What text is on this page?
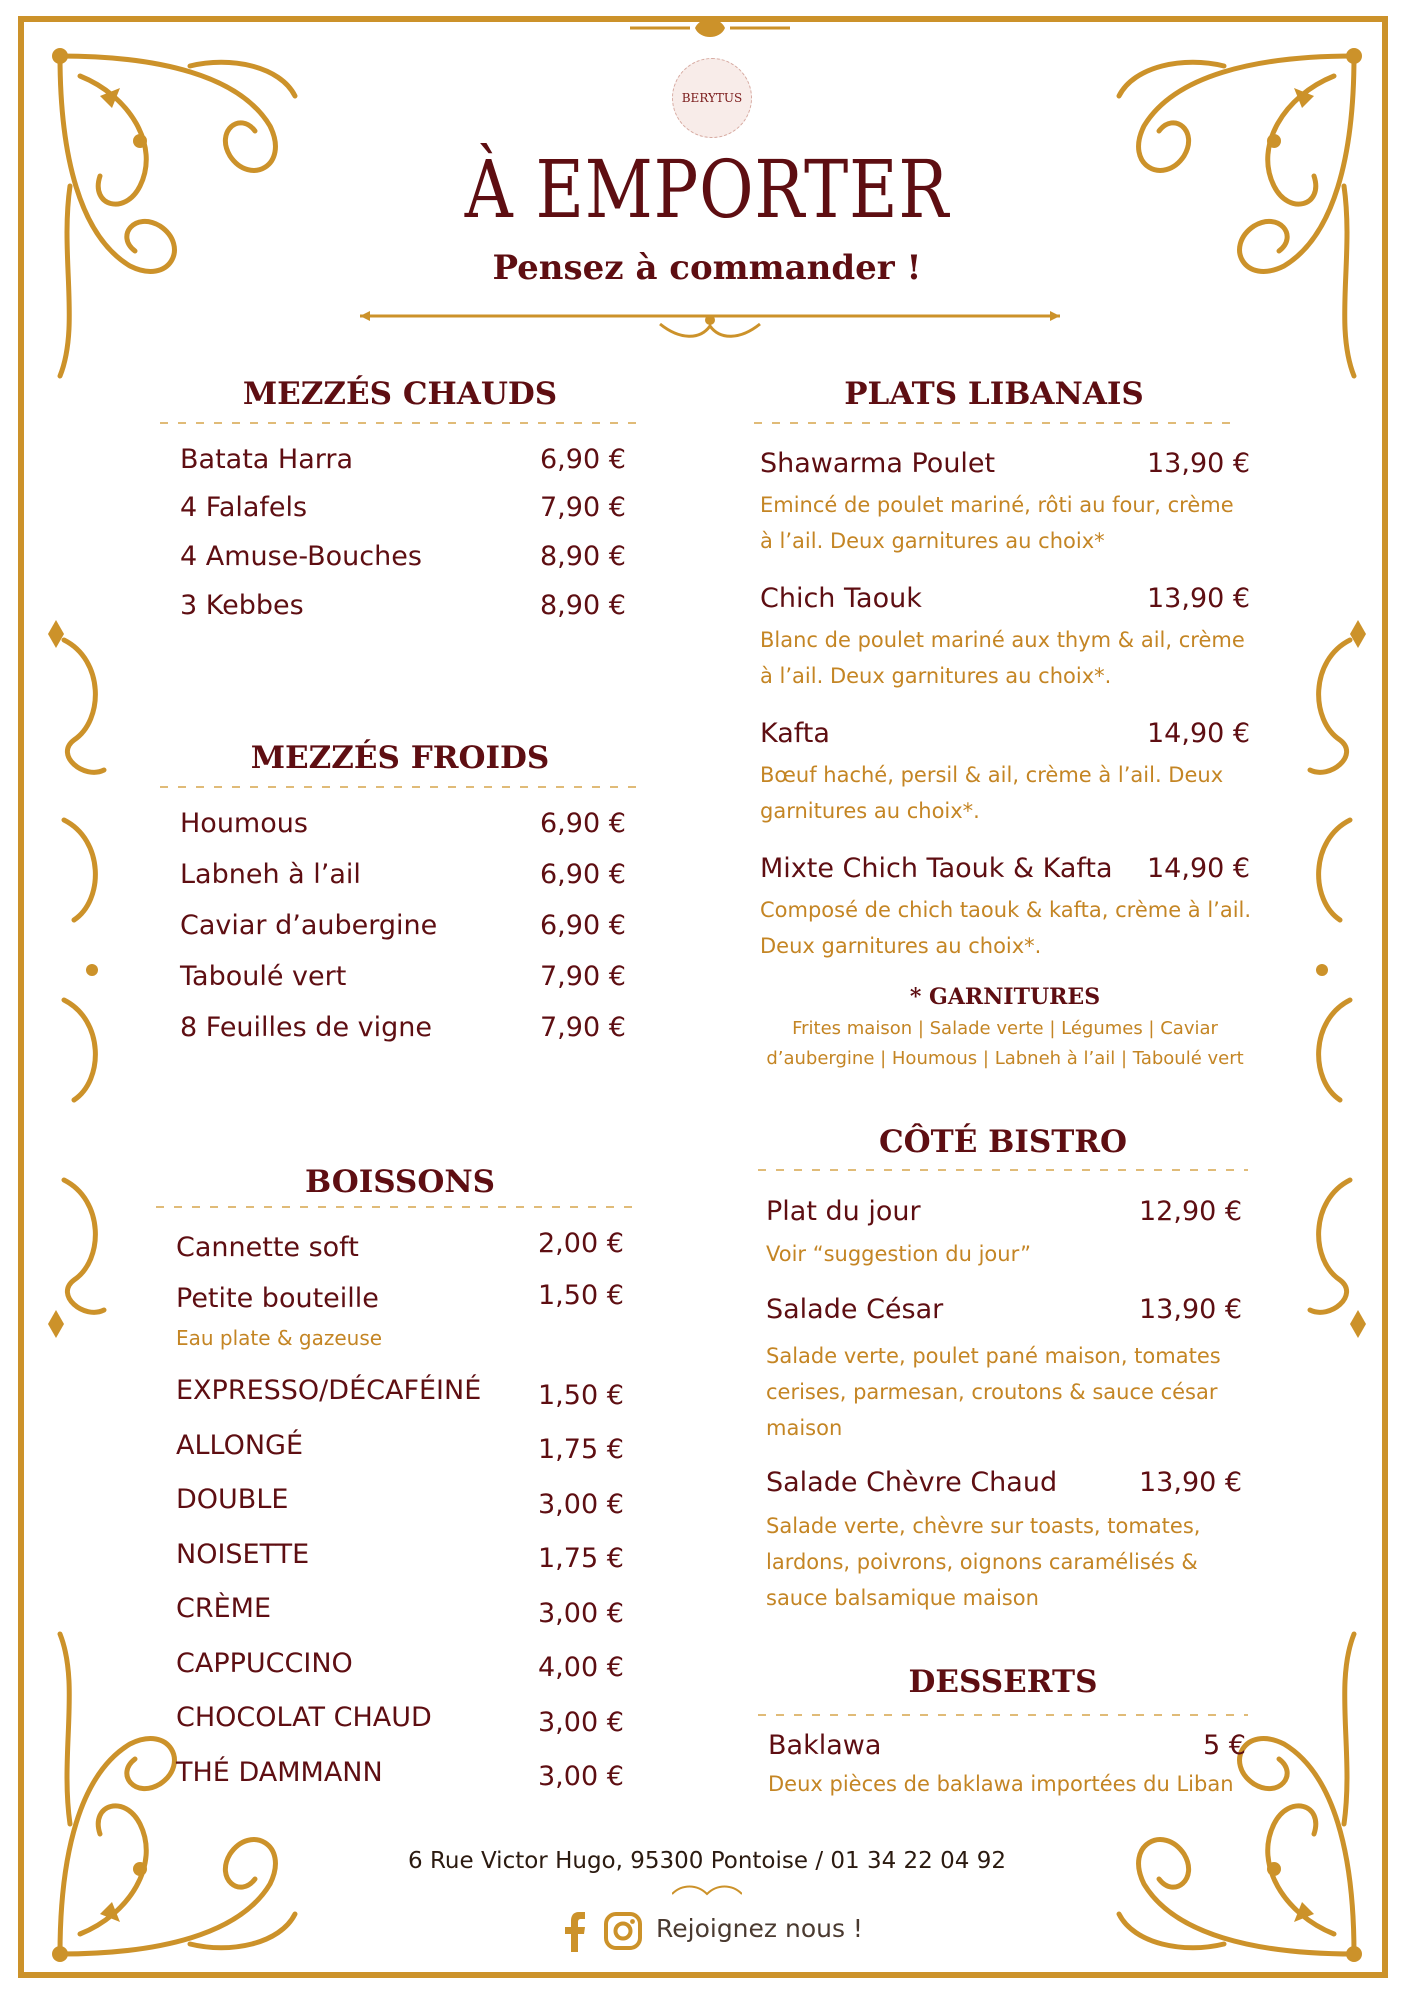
BERYTUS
À EMPORTER
Pensez à commander !
MEZZÉS CHAUDS
Batata Harra	6,90 €
4 Falafels	7,90 €
4 Amuse-Bouches	8,90 €
3 Kebbes	8,90 €
MEZZÉS FROIDS
Houmous	6,90 €
Labneh à l’ail	6,90 €
Caviar d’aubergine	6,90 €
Taboulé vert	7,90 €
8 Feuilles de vigne	7,90 €
BOISSONS
Cannette soft	2,00 €
Petite bouteille	1,50 €
Eau plate & gazeuse
EXPRESSO/DÉCAFÉINÉ 1,50 €
ALLONGÉ	1,75 €
DOUBLE	3,00 €
NOISETTE	1,75 €
CRÈME	3,00 €
CAPPUCCINO	4,00 €
CHOCOLAT CHAUD	3,00 €
THÉ DAMMANN	3,00 €
PLATS LIBANAIS
Shawarma Poulet	13,90 €
Emincé de poulet mariné, rôti au four, crème
à l’ail. Deux garnitures au choix*
Chich Taouk	13,90 €
Blanc de poulet mariné aux thym & ail, crème
à l’ail. Deux garnitures au choix*.
Kafta	14,90 €
Bœuf haché, persil & ail, crème à l’ail. Deux
garnitures au choix*.
Mixte Chich Taouk & Kafta 14,90 €
Composé de chich taouk & kafta, crème à l’ail.
Deux garnitures au choix*.
* GARNITURES
Frites maison | Salade verte | Légumes | Caviar
d’aubergine | Houmous | Labneh à l’ail | Taboulé vert
CÔTÉ BISTRO
Plat du jour	12,90 €
Voir “suggestion du jour”
Salade César	13,90 €
Salade verte, poulet pané maison, tomates
cerises, parmesan, croutons & sauce césar
maison
Salade Chèvre Chaud	13,90 €
Salade verte, chèvre sur toasts, tomates,
lardons, poivrons, oignons caramélisés &
sauce balsamique maison
DESSERTS
Baklawa	5 €
Deux pièces de baklawa importées du Liban
6 Rue Victor Hugo, 95300 Pontoise / 01 34 22 04 92
Rejoignez nous !
